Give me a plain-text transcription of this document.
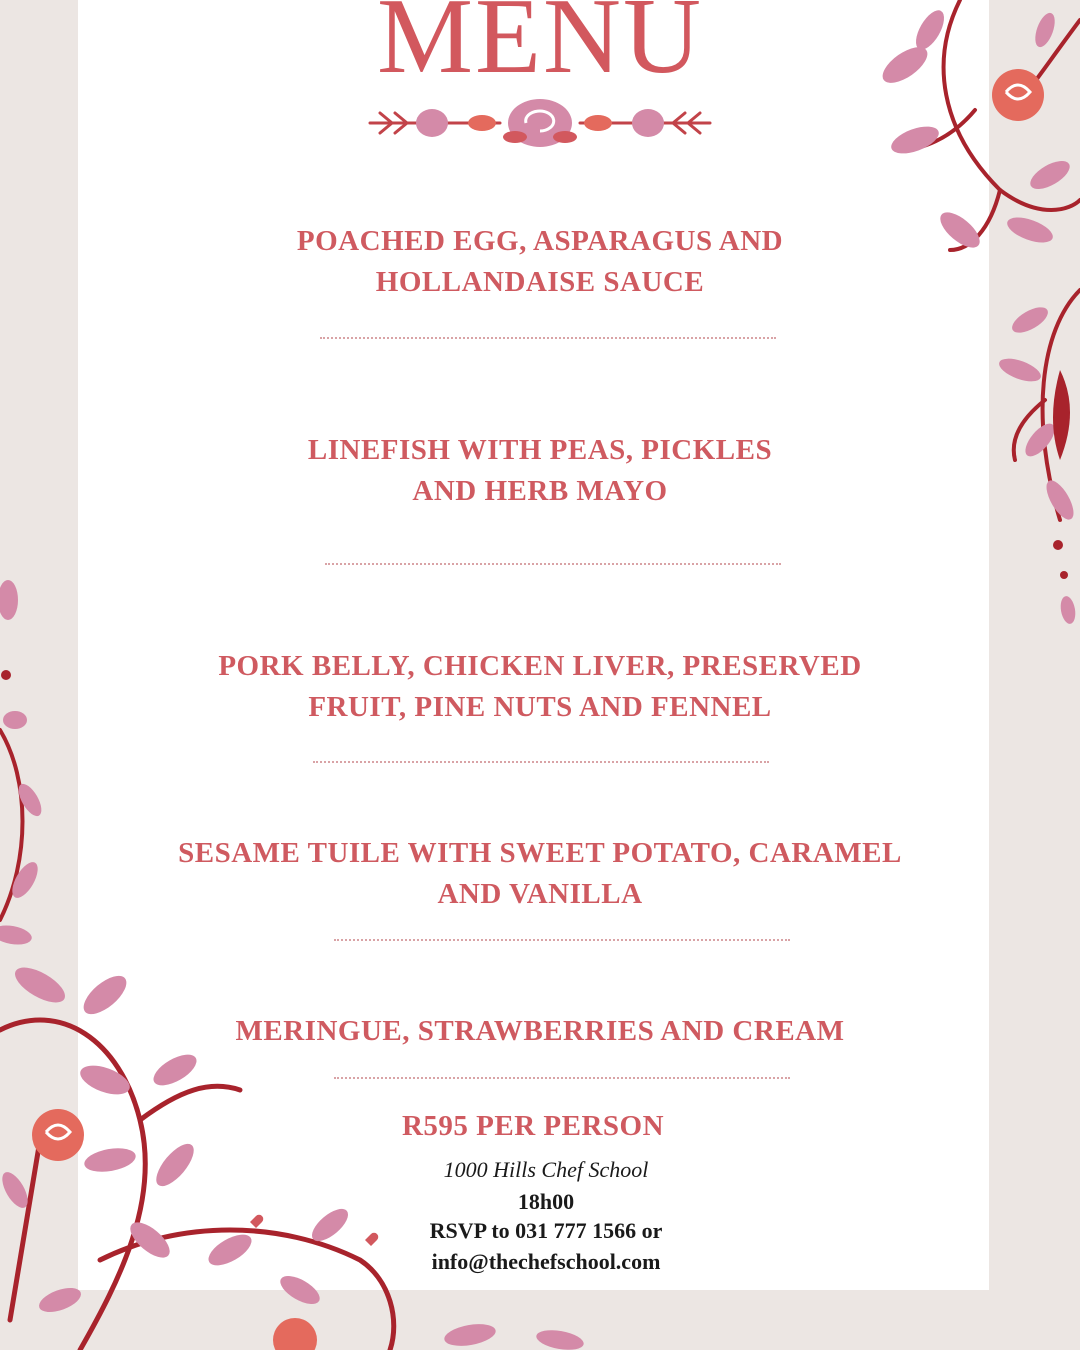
MENU
POACHED EGG, ASPARAGUS AND
HOLLANDAISE SAUCE
LINEFISH WITH PEAS, PICKLES
AND HERB MAYO
PORK BELLY, CHICKEN LIVER, PRESERVED
FRUIT, PINE NUTS AND FENNEL
SESAME TUILE WITH SWEET POTATO, CARAMEL
AND VANILLA
MERINGUE, STRAWBERRIES AND CREAM
R595 PER PERSON
1000 Hills Chef School
18h00
RSVP to 031 777 1566 or
info@thechefschool.com
